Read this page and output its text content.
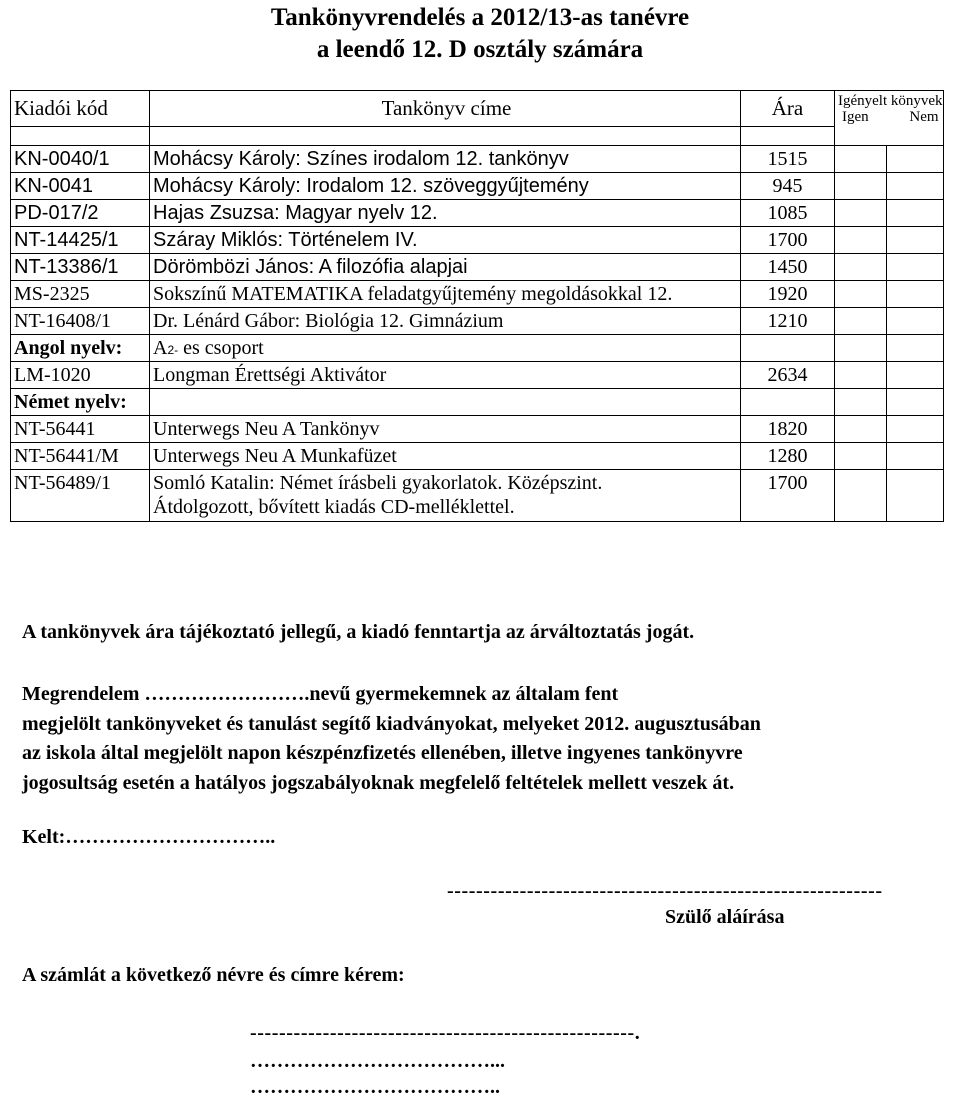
Tankönyvrendelés a 2012/13-as tanévre
a leendő 12. D osztály számára
Kiadói kód	Tankönyv címe	Ára	Igényelt könyvek
Igen Nem	

KN-0040/1	Mohácsy Károly: Színes irodalom 12. tankönyv	1515		
KN-0041	Mohácsy Károly: Irodalom 12. szöveggyűjtemény	945		
PD-017/2	Hajas Zsuzsa: Magyar nyelv 12.	1085		
NT-14425/1	Száray Miklós: Történelem IV.	1700		
NT-13386/1	Dörömbözi János: A filozófia alapjai	1450		
MS-2325	Sokszínű MATEMATIKA feladatgyűjtemény megoldásokkal 12.	1920		
NT-16408/1	Dr. Lénárd Gábor: Biológia 12. Gimnázium	1210		
Angol nyelv:	A2- es csoport			
LM-1020	Longman Érettségi Aktivátor	2634		
Német nyelv:				
NT-56441	Unterwegs Neu A Tankönyv	1820		
NT-56441/M	Unterwegs Neu A Munkafüzet	1280		
NT-56489/1	Somló Katalin: Német írásbeli gyakorlatok. Középszint.
Átdolgozott, bővített kiadás CD-melléklettel.	1700		
A tankönyvek ára tájékoztató jellegű, a kiadó fenntartja az árváltoztatás jogát.
Megrendelem …………………….nevű gyermekemnek az általam fent
megjelölt tankönyveket és tanulást segítő kiadványokat, melyeket 2012. augusztusában
az iskola által megjelölt napon készpénzfizetés ellenében, illetve ingyenes tankönyvre
jogosultság esetén a hatályos jogszabályoknak megfelelő feltételek mellett veszek át.
Kelt:…………………………..
------------------------------------------------------------
Szülő aláírása
A számlát a következő névre és címre kérem:
-----------------------------------------------------.
………………………………...
………………………………..
